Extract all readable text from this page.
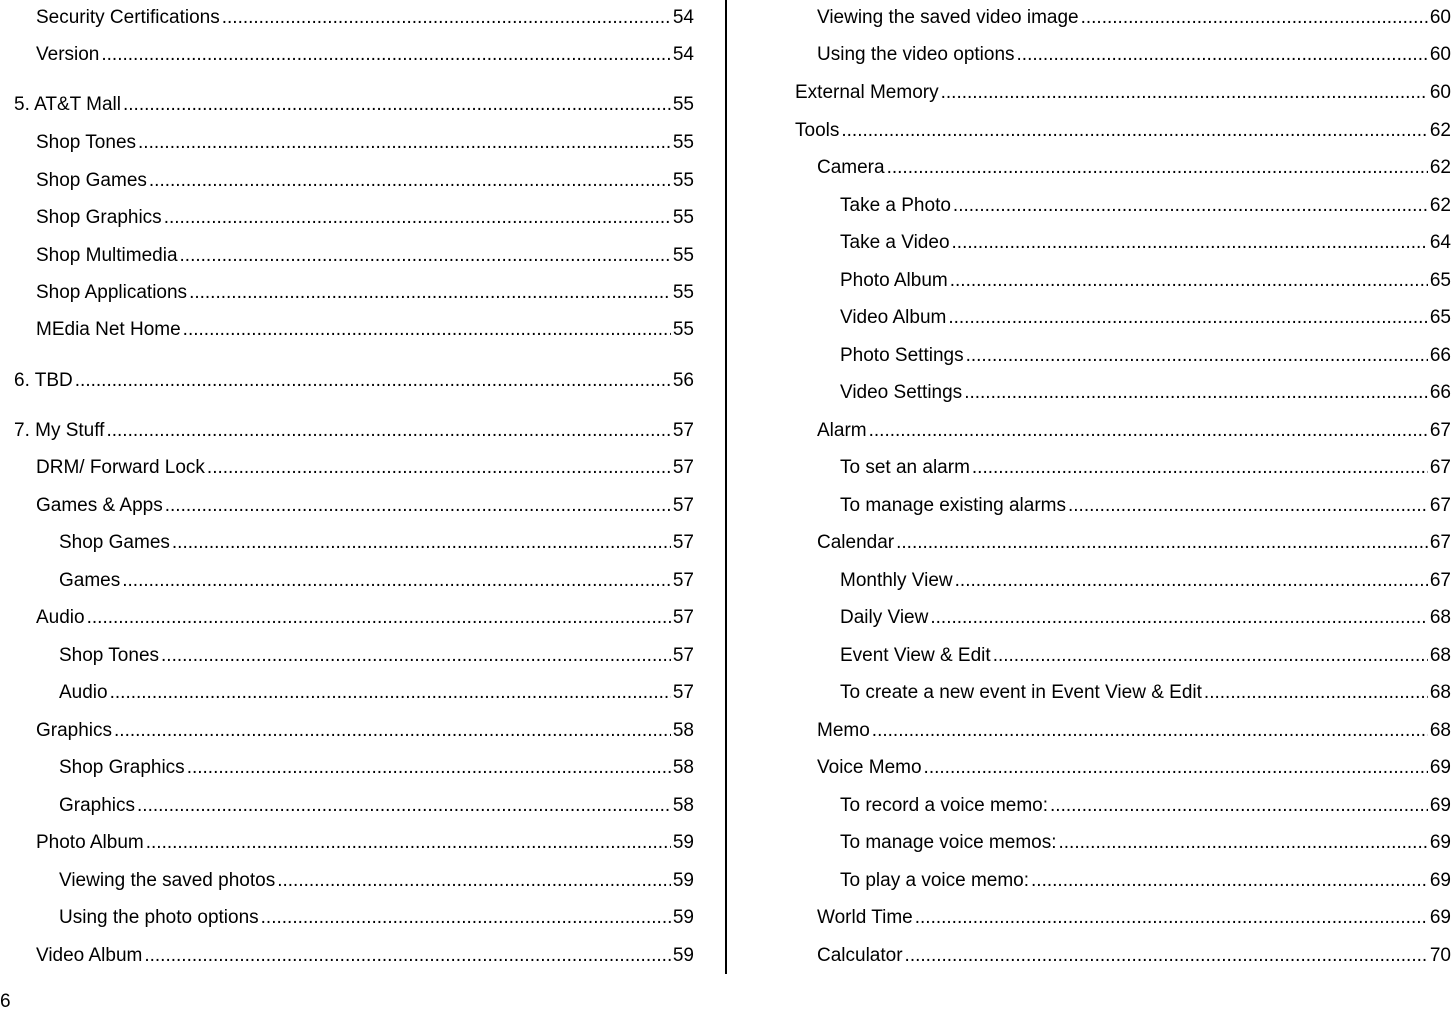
Security Certifications .....	54
Version .....	54
5. AT&T Mall .....	55
Shop Tones .....	55
Shop Games .....	55
Shop Graphics .....	55
Shop Multimedia .....	55
Shop Applications .....	55
MEdia Net Home .....	55
6. TBD .....	56
7. My Stuff .....	57
DRM/ Forward Lock .....	57
Games & Apps .....	57
Shop Games .....	57
Games .....	57
Audio .....	57
Shop Tones .....	57
Audio .....	57
Graphics .....	58
Shop Graphics .....	58
Graphics .....	58
Photo Album .....	59
Viewing the saved photos .....	59
Using the photo options .....	59
Video Album .....	59
Viewing the saved video image .....	60
Using the video options .....	60
External Memory .....	60
Tools .....	62
Camera .....	62
Take a Photo .....	62
Take a Video .....	64
Photo Album .....	65
Video Album .....	65
Photo Settings .....	66
Video Settings .....	66
Alarm .....	67
To set an alarm .....	67
To manage existing alarms .....	67
Calendar .....	67
Monthly View .....	67
Daily View .....	68
Event View & Edit .....	68
To create a new event in Event View & Edit .....	68
Memo .....	68
Voice Memo .....	69
To record a voice memo: .....	69
To manage voice memos: .....	69
To play a voice memo: .....	69
World Time .....	69
Calculator .....	70
6
